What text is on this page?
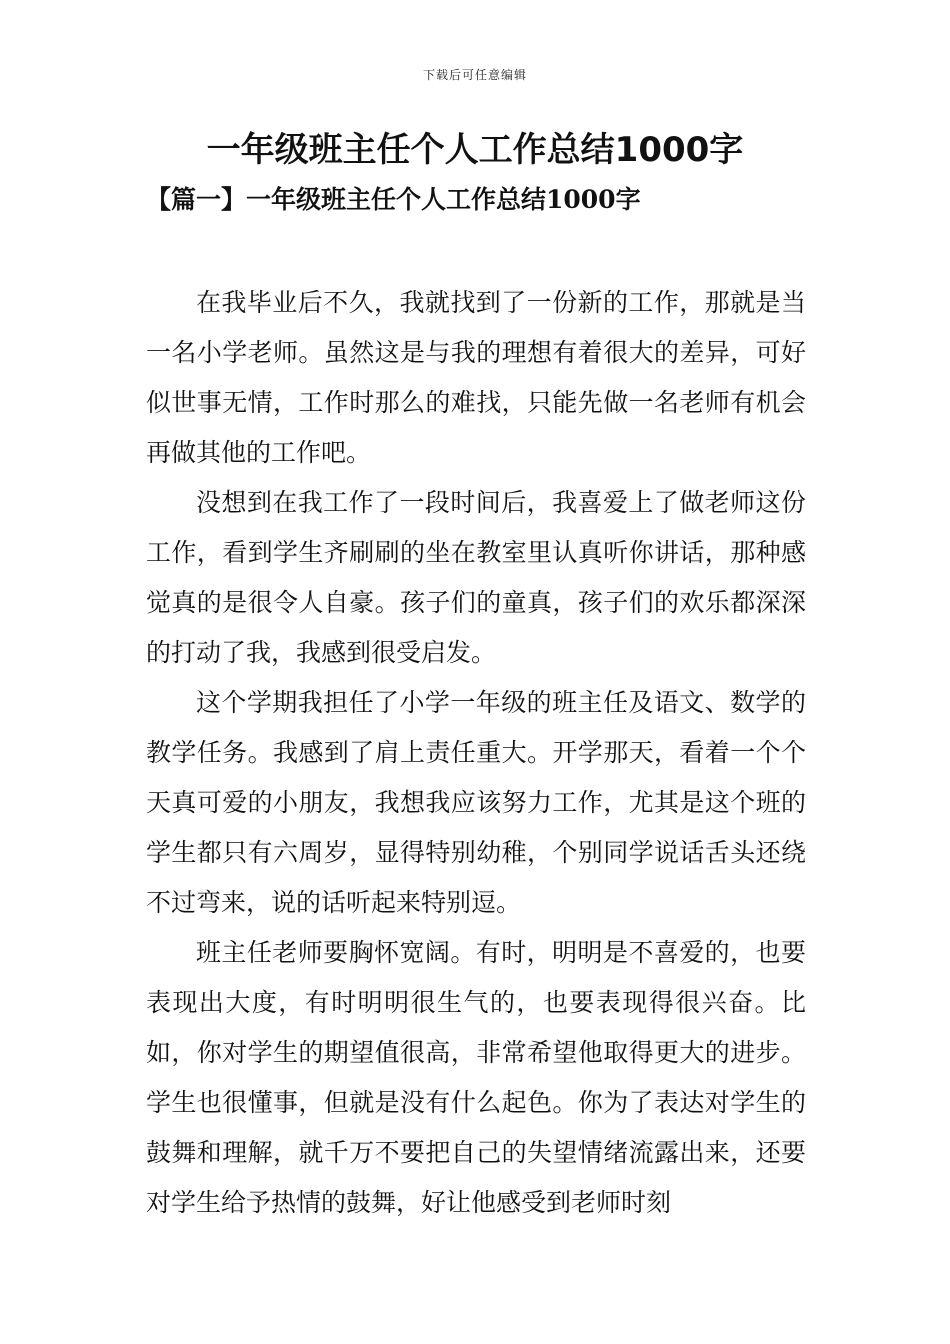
下载后可任意编辑
一年级班主任个人工作总结1000字
【篇一】一年级班主任个人工作总结1000字

在我毕业后不久，我就找到了一份新的工作，那就是当一名小学老师。虽然这是与我的理想有着很大的差异，可好似世事无情，工作时那么的难找，只能先做一名老师有机会再做其他的工作吧。

没想到在我工作了一段时间后，我喜爱上了做老师这份工作，看到学生齐刷刷的坐在教室里认真听你讲话，那种感觉真的是很令人自豪。孩子们的童真，孩子们的欢乐都深深的打动了我，我感到很受启发。

这个学期我担任了小学一年级的班主任及语文、数学的教学任务。我感到了肩上责任重大。开学那天，看着一个个天真可爱的小朋友，我想我应该努力工作，尤其是这个班的学生都只有六周岁，显得特别幼稚，个别同学说话舌头还绕不过弯来，说的话听起来特别逗。

班主任老师要胸怀宽阔。有时，明明是不喜爱的，也要表现出大度，有时明明很生气的，也要表现得很兴奋。比如，你对学生的期望值很高，非常希望他取得更大的进步。学生也很懂事，但就是没有什么起色。你为了表达对学生的鼓舞和理解，就千万不要把自己的失望情绪流露出来，还要对学生给予热情的鼓舞，好让他感受到老师时刻
